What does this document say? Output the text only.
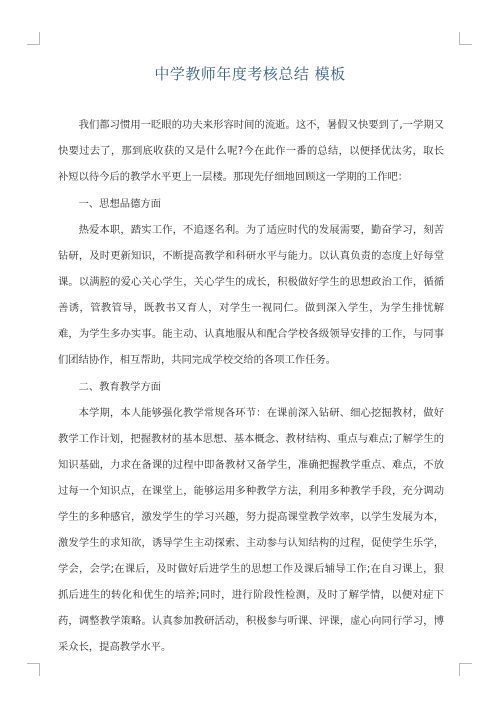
中学教师年度考核总结 模板

我们都习惯用一眨眼的功夫来形容时间的流逝。这不，暑假又快要到了,一学期又快要过去了，那到底收获的又是什么呢?今在此作一番的总结，以便择优汰劣，取长补短以待今后的教学水平更上一层楼。那现先仔细地回顾这一学期的工作吧：

一、思想品德方面

热爱本职，踏实工作，不追逐名利。为了适应时代的发展需要，勤奋学习，刻苦钻研，及时更新知识，不断提高教学和科研水平与能力。以认真负责的态度上好每堂课。以满腔的爱心关心学生，关心学生的成长，积极做好学生的思想政治工作，循循善诱，管教管导，既教书又育人，对学生一视同仁。做到深入学生，为学生排忧解难，为学生多办实事。能主动、认真地服从和配合学校各级领导安排的工作，与同事们团结协作，相互帮助，共同完成学校交给的各项工作任务。

二、教育教学方面

本学期，本人能够强化教学常规各环节：在课前深入钻研、细心挖掘教材，做好教学工作计划，把握教材的基本思想、基本概念、教材结构、重点与难点;了解学生的知识基础，力求在备课的过程中即备教材又备学生，准确把握教学重点、难点，不放过每一个知识点，在课堂上，能够运用多种教学方法，利用多种教学手段，充分调动学生的多种感官，激发学生的学习兴趣，努力提高课堂教学效率，以学生发展为本，激发学生的求知欲，诱导学生主动探索、主动参与认知结构的过程，促使学生乐学，学会，会学;在课后，及时做好后进学生的思想工作及课后辅导工作;在自习课上，狠抓后进生的转化和优生的培养;同时，进行阶段性检测，及时了解学情，以便对症下药，调整教学策略。认真参加教研活动，积极参与听课、评课，虚心向同行学习，博采众长，提高教学水平。
